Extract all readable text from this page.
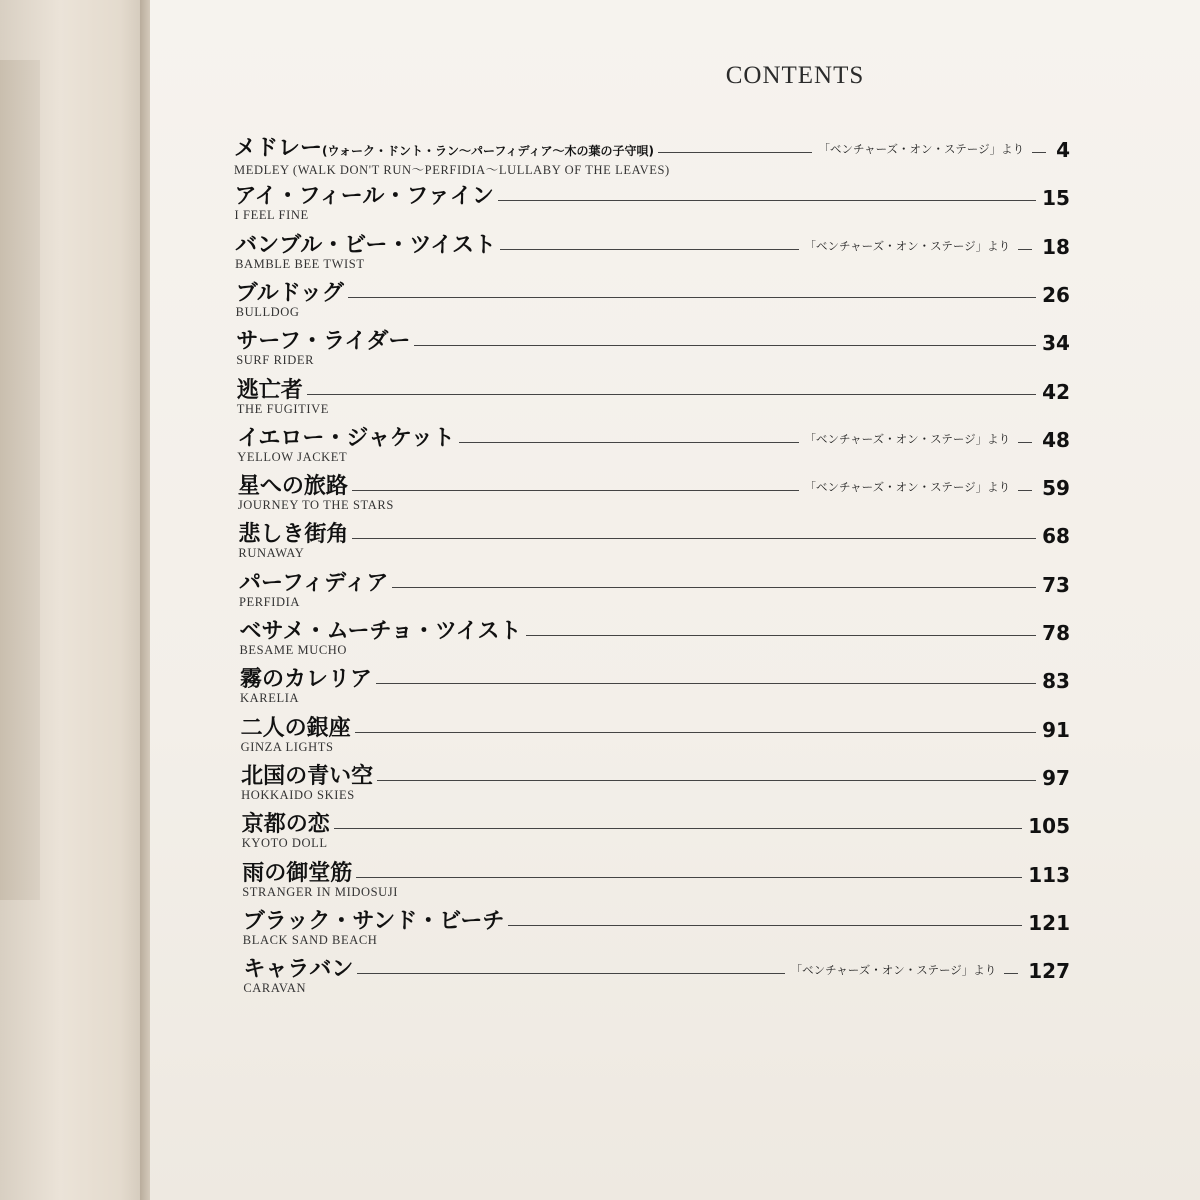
CONTENTS
メドレー(ウォーク・ドント・ラン〜パーフィディア〜木の葉の子守唄)
MEDLEY (WALK DON'T RUN～PERFIDIA～LULLABY OF THE LEAVES)
「ベンチャーズ・オン・ステージ」より 4
アイ・フィール・ファイン
I FEEL FINE
15
バンブル・ビー・ツイスト
BAMBLE BEE TWIST
「ベンチャーズ・オン・ステージ」より 18
ブルドッグ
BULLDOG
26
サーフ・ライダー
SURF RIDER
34
逃亡者
THE FUGITIVE
42
イエロー・ジャケット
YELLOW JACKET
「ベンチャーズ・オン・ステージ」より 48
星への旅路
JOURNEY TO THE STARS
「ベンチャーズ・オン・ステージ」より 59
悲しき街角
RUNAWAY
68
パーフィディア
PERFIDIA
73
ベサメ・ムーチョ・ツイスト
BESAME MUCHO
78
霧のカレリア
KARELIA
83
二人の銀座
GINZA LIGHTS
91
北国の青い空
HOKKAIDO SKIES
97
京都の恋
KYOTO DOLL
105
雨の御堂筋
STRANGER IN MIDOSUJI
113
ブラック・サンド・ビーチ
BLACK SAND BEACH
121
キャラバン
CARAVAN
「ベンチャーズ・オン・ステージ」より 127
